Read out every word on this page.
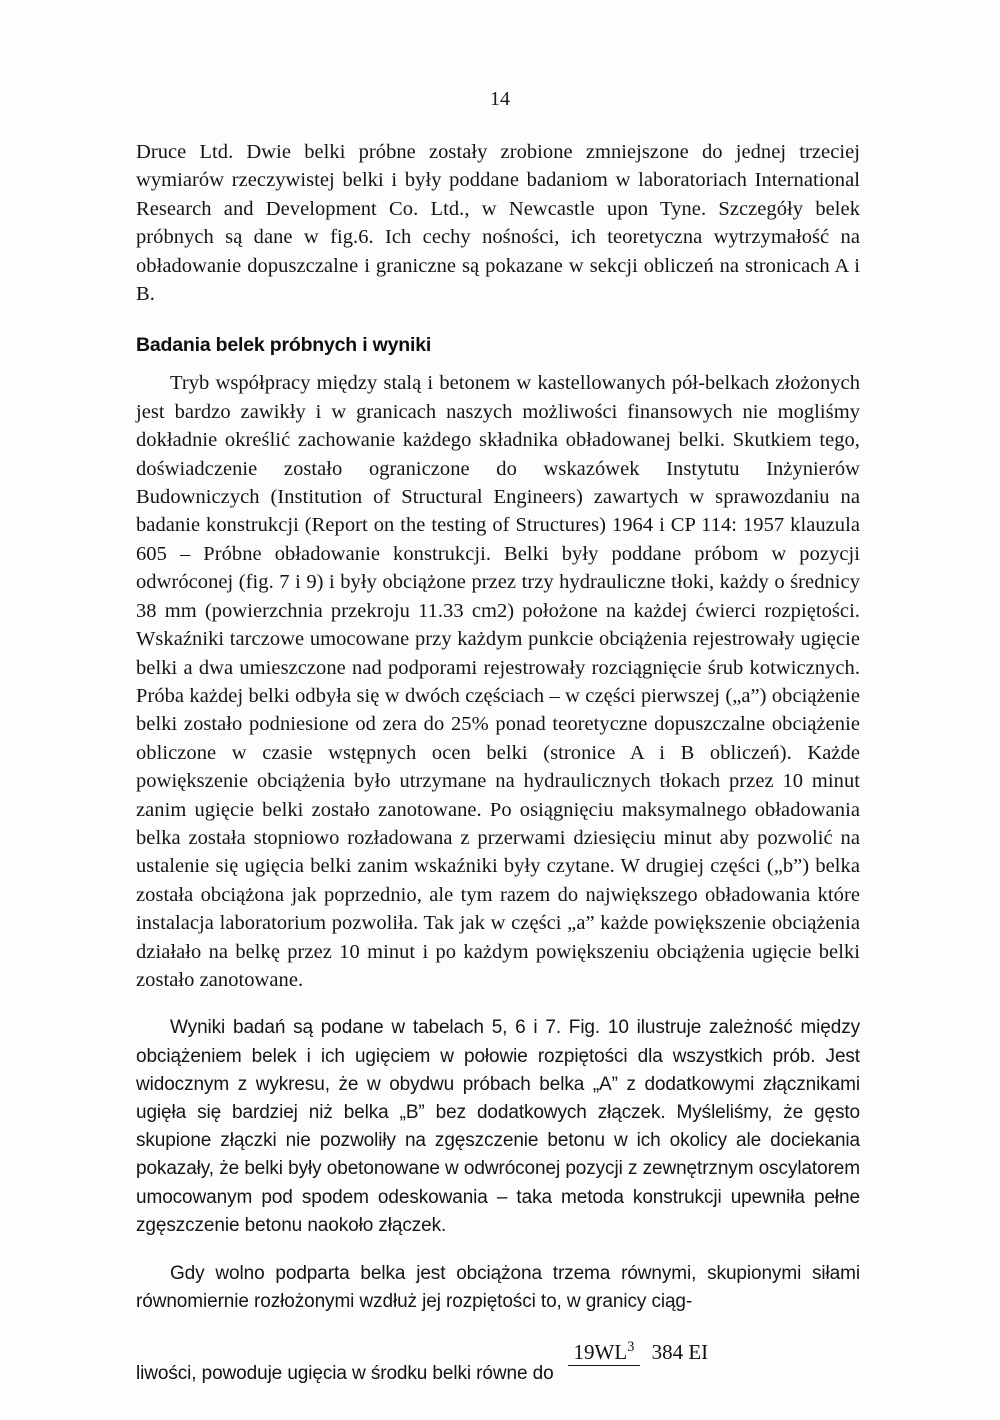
14

Druce Ltd. Dwie belki próbne zostały zrobione zmniejszone do jednej trzeciej wymiarów rzeczywistej belki i były poddane badaniom w laboratoriach International Research and Development Co. Ltd., w Newcastle upon Tyne. Szczegóły belek próbnych są dane w fig.6. Ich cechy nośności, ich teoretyczna wytrzymałość na obładowanie dopuszczalne i graniczne są pokazane w sekcji obliczeń na stronicach A i B.

Badania belek próbnych i wyniki

Tryb współpracy między stalą i betonem w kastellowanych pół-belkach złożonych jest bardzo zawikły i w granicach naszych możliwości finansowych nie mogliśmy dokładnie określić zachowanie każdego składnika obładowanej belki. Skutkiem tego, doświadczenie zostało ograniczone do wskazówek Instytutu Inżynierów Budowniczych (Institution of Structural Engineers) zawartych w sprawozdaniu na badanie konstrukcji (Report on the testing of Structures) 1964 i CP 114: 1957 klauzula 605 – Próbne obładowanie konstrukcji. Belki były poddane próbom w pozycji odwróconej (fig. 7 i 9) i były obciążone przez trzy hydrauliczne tłoki, każdy o średnicy 38 mm (powierzchnia przekroju 11.33 cm2) położone na każdej ćwierci rozpiętości. Wskaźniki tarczowe umocowane przy każdym punkcie obciążenia rejestrowały ugięcie belki a dwa umieszczone nad podporami rejestrowały rozciągnięcie śrub kotwicznych. Próba każdej belki odbyła się w dwóch częściach – w części pierwszej („a”) obciążenie belki zostało podniesione od zera do 25% ponad teoretyczne dopuszczalne obciążenie obliczone w czasie wstępnych ocen belki (stronice A i B obliczeń). Każde powiększenie obciążenia było utrzymane na hydraulicznych tłokach przez 10 minut zanim ugięcie belki zostało zanotowane. Po osiągnięciu maksymalnego obładowania belka została stopniowo rozładowana z przerwami dziesięciu minut aby pozwolić na ustalenie się ugięcia belki zanim wskaźniki były czytane. W drugiej części („b”) belka została obciążona jak poprzednio, ale tym razem do największego obładowania które instalacja laboratorium pozwoliła. Tak jak w części „a” każde powiększenie obciążenia działało na belkę przez 10 minut i po każdym powiększeniu obciążenia ugięcie belki zostało zanotowane.

Wyniki badań są podane w tabelach 5, 6 i 7. Fig. 10 ilustruje zależność między obciążeniem belek i ich ugięciem w połowie rozpiętości dla wszystkich prób. Jest widocznym z wykresu, że w obydwu próbach belka „A” z dodatkowymi złącznikami ugięła się bardziej niż belka „B” bez dodatkowych złączek. Myśleliśmy, że gęsto skupione złączki nie pozwoliły na zgęszczenie betonu w ich okolicy ale dociekania pokazały, że belki były obetonowane w odwróconej pozycji z zewnętrznym oscylatorem umocowanym pod spodem odeskowania – taka metoda konstrukcji upewniła pełne zgęszczenie betonu naokoło złączek.

Gdy wolno podparta belka jest obciążona trzema równymi, skupionymi siłami równomiernie rozłożonymi wzdłuż jej rozpiętości to, w granicy ciąg-

liwości, powoduje ugięcia w środku belki równe do
$19WL^3$ 384 EI
